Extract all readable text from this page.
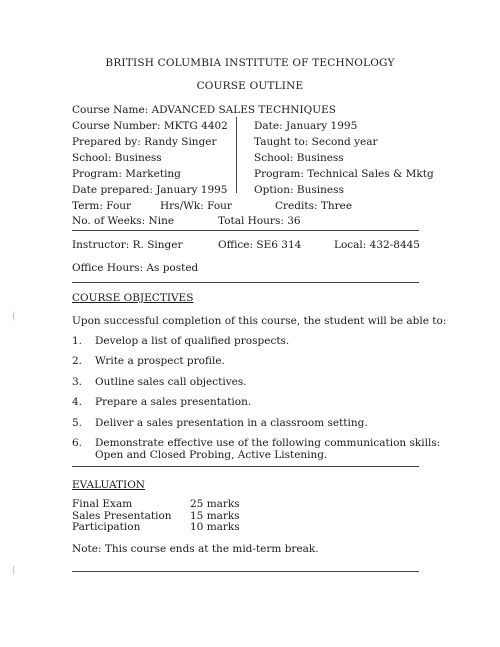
BRITISH COLUMBIA INSTITUTE OF TECHNOLOGY
COURSE OUTLINE
Course Name: ADVANCED SALES TECHNIQUES
Course Number: MKTG 4402 Date: January 1995
Prepared by: Randy Singer	Taught to: Second year
School: Business	School: Business
Program: Marketing	Program: Technical Sales & Mktg
Date prepared: January 1995	Option: Business
Term: Four	Hrs/Wk: Four	Credits: Three
No. of Weeks: Nine	Total Hours: 36
Instructor: R. Singer	Office: SE6 314	Local: 432-8445
Office Hours: As posted
COURSE OBJECTIVES
Upon successful completion of this course, the student will be able to:
1. Develop a list of qualified prospects.
2. Write a prospect profile.
3. Outline sales call objectives.
4. Prepare a sales presentation.
5. Deliver a sales presentation in a classroom setting.
6. Demonstrate effective use of the following communication skills:
Open and Closed Probing, Active Listening.
EVALUATION
Final Exam	25 marks
Sales Presentation 15 marks
Participation	10 marks
Note: This course ends at the mid-term break.
(
(
